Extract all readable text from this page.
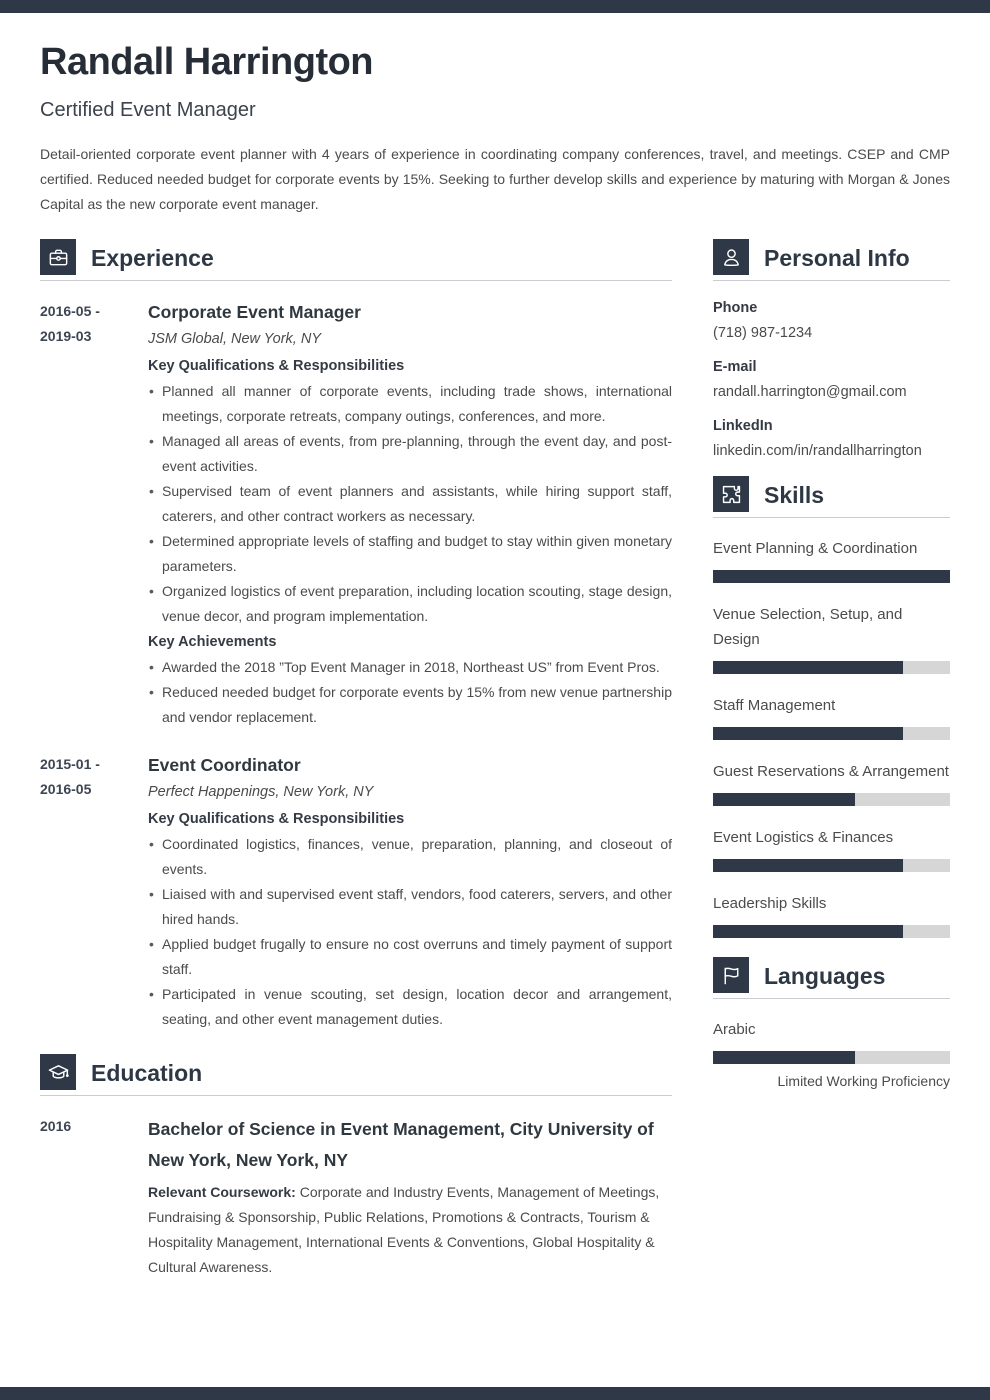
Randall Harrington
Certified Event Manager

Detail-oriented corporate event planner with 4 years of experience in coordinating company conferences, travel, and meetings. CSEP and CMP certified. Reduced needed budget for corporate events by 15%. Seeking to further develop skills and experience by maturing with Morgan & Jones Capital as the new corporate event manager.

Experience
2016-05 -
2019-03
Corporate Event Manager
JSM Global, New York, NY
Key Qualifications & Responsibilities
• Planned all manner of corporate events, including trade shows, international meetings, corporate retreats, company outings, conferences, and more.
• Managed all areas of events, from pre-planning, through the event day, and post-event activities.
• Supervised team of event planners and assistants, while hiring support staff, caterers, and other contract workers as necessary.
• Determined appropriate levels of staffing and budget to stay within given monetary parameters.
• Organized logistics of event preparation, including location scouting, stage design, venue decor, and program implementation.
Key Achievements
• Awarded the 2018 ”Top Event Manager in 2018, Northeast US” from Event Pros.
• Reduced needed budget for corporate events by 15% from new venue partnership and vendor replacement.
2015-01 -
2016-05
Event Coordinator
Perfect Happenings, New York, NY
Key Qualifications & Responsibilities
• Coordinated logistics, finances, venue, preparation, planning, and closeout of events.
• Liaised with and supervised event staff, vendors, food caterers, servers, and other hired hands.
• Applied budget frugally to ensure no cost overruns and timely payment of support staff.
• Participated in venue scouting, set design, location decor and arrangement, seating, and other event management duties.
Education
2016	Bachelor of Science in Event Management, City University of New York, New York, NY
Relevant Coursework: Corporate and Industry Events, Management of Meetings, Fundraising & Sponsorship, Public Relations, Promotions & Contracts, Tourism & Hospitality Management, International Events & Conventions, Global Hospitality & Cultural Awareness.
Personal Info
Phone
(718) 987-1234
E-mail
randall.harrington@gmail.com
LinkedIn
linkedin.com/in/randallharrington
Skills
Event Planning & Coordination
Venue Selection, Setup, and Design
Staff Management
Guest Reservations & Arrangement
Event Logistics & Finances
Leadership Skills
Languages
Arabic
Limited Working Proficiency
